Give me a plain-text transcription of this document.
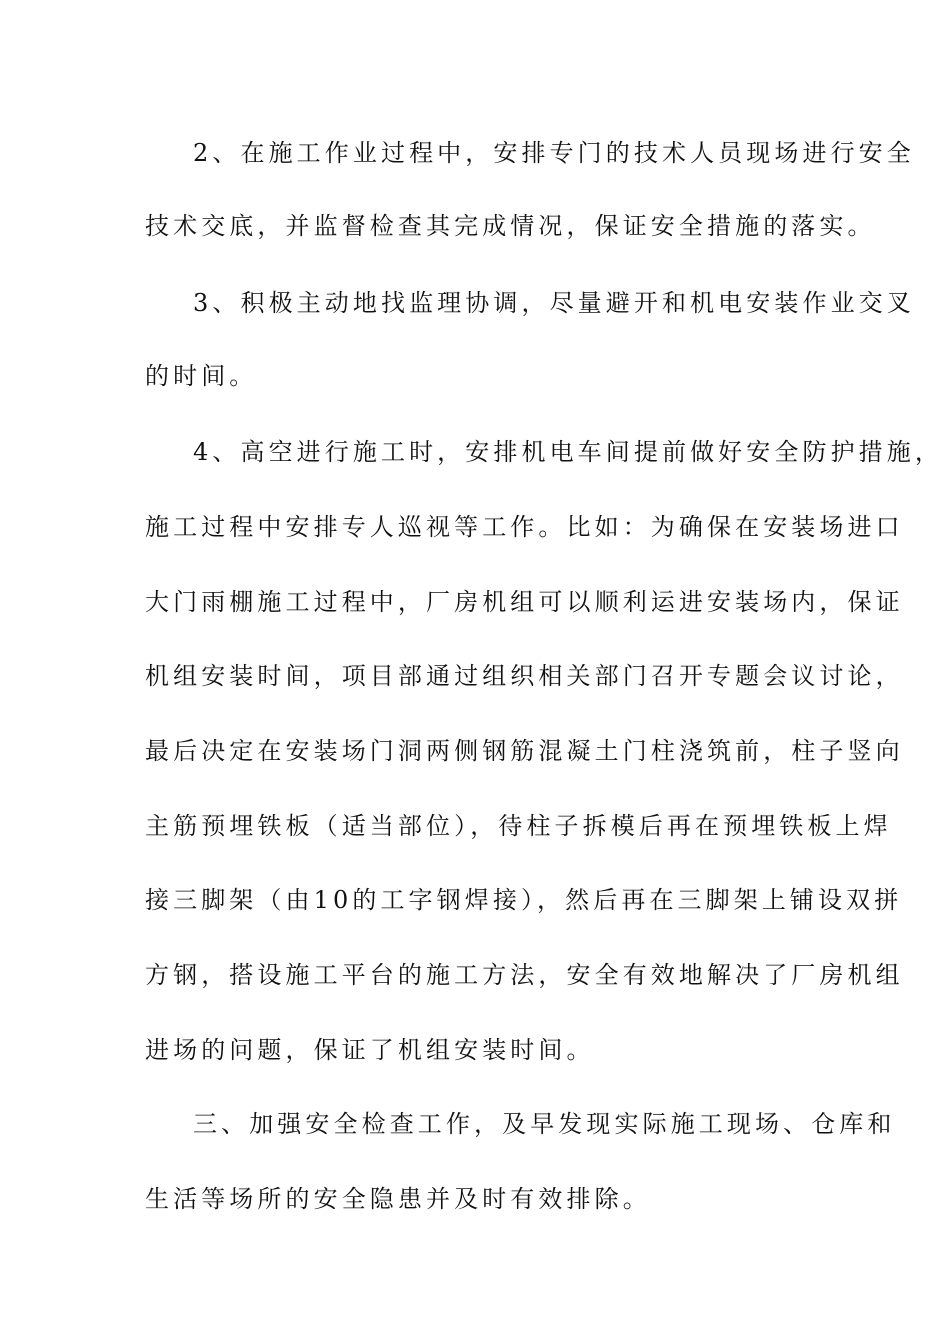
2、在施工作业过程中，安排专门的技术人员现场进行安全
技术交底，并监督检查其完成情况，保证安全措施的落实。
3、积极主动地找监理协调，尽量避开和机电安装作业交叉
的时间。
4、高空进行施工时，安排机电车间提前做好安全防护措施，
施工过程中安排专人巡视等工作。比如：为确保在安装场进口
大门雨棚施工过程中，厂房机组可以顺利运进安装场内，保证
机组安装时间，项目部通过组织相关部门召开专题会议讨论，
最后决定在安装场门洞两侧钢筋混凝土门柱浇筑前，柱子竖向
主筋预埋铁板（适当部位），待柱子拆模后再在预埋铁板上焊
接三脚架（由10的工字钢焊接），然后再在三脚架上铺设双拼
方钢，搭设施工平台的施工方法，安全有效地解决了厂房机组
进场的问题，保证了机组安装时间。
三、加强安全检查工作，及早发现实际施工现场、仓库和
生活等场所的安全隐患并及时有效排除。
